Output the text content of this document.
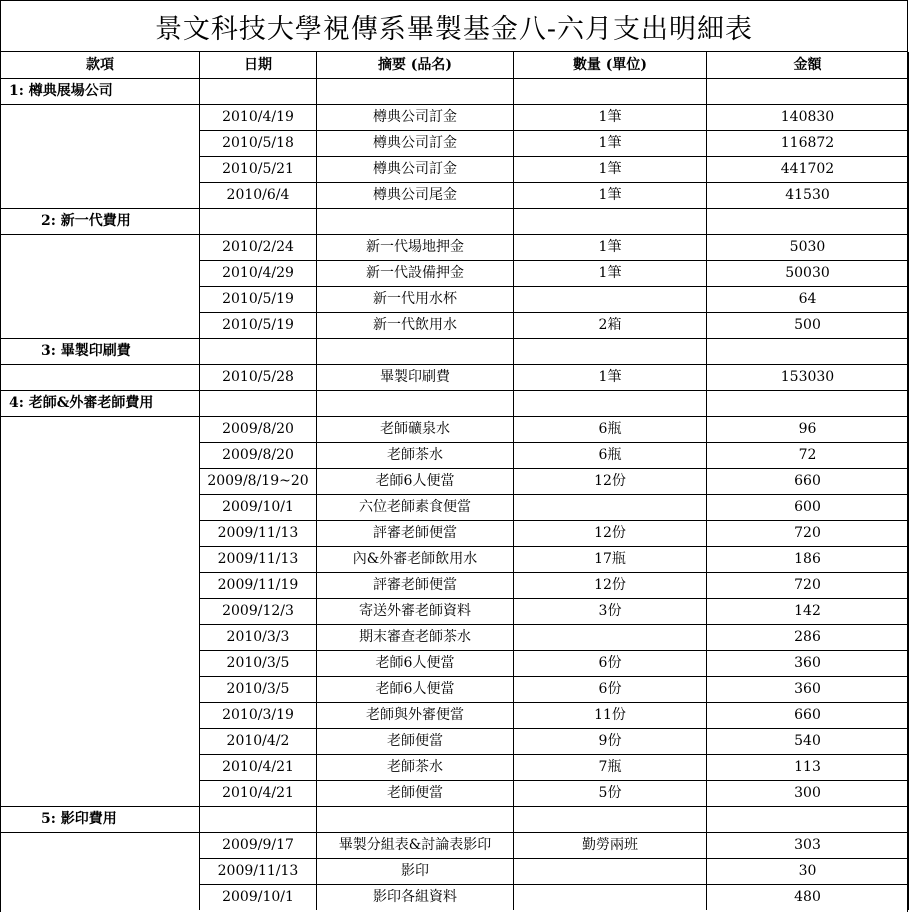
景文科技大學視傳系畢製基金八-六月支出明細表
款項	日期	摘要 (品名)	數量 (單位)	金額
1: 樽典展場公司				
	2010/4/19	樽典公司訂金	1筆	140830
	2010/5/18	樽典公司訂金	1筆	116872
	2010/5/21	樽典公司訂金	1筆	441702
	2010/6/4	樽典公司尾金	1筆	41530
2: 新一代費用				
	2010/2/24	新一代場地押金	1筆	5030
	2010/4/29	新一代設備押金	1筆	50030
	2010/5/19	新一代用水杯		64
	2010/5/19	新一代飲用水	2箱	500
3: 畢製印刷費				
	2010/5/28	畢製印刷費	1筆	153030
4: 老師&外審老師費用				
	2009/8/20	老師礦泉水	6瓶	96
	2009/8/20	老師茶水	6瓶	72
	2009/8/19~20	老師6人便當	12份	660
	2009/10/1	六位老師素食便當		600
	2009/11/13	評審老師便當	12份	720
	2009/11/13	內&外審老師飲用水	17瓶	186
	2009/11/19	評審老師便當	12份	720
	2009/12/3	寄送外審老師資料	3份	142
	2010/3/3	期末審查老師茶水		286
	2010/3/5	老師6人便當	6份	360
	2010/3/5	老師6人便當	6份	360
	2010/3/19	老師與外審便當	11份	660
	2010/4/2	老師便當	9份	540
	2010/4/21	老師茶水	7瓶	113
	2010/4/21	老師便當	5份	300
5: 影印費用				
	2009/9/17	畢製分組表&討論表影印	勤勞兩班	303
	2009/11/13	影印		30
	2009/10/1	影印各組資料		480
